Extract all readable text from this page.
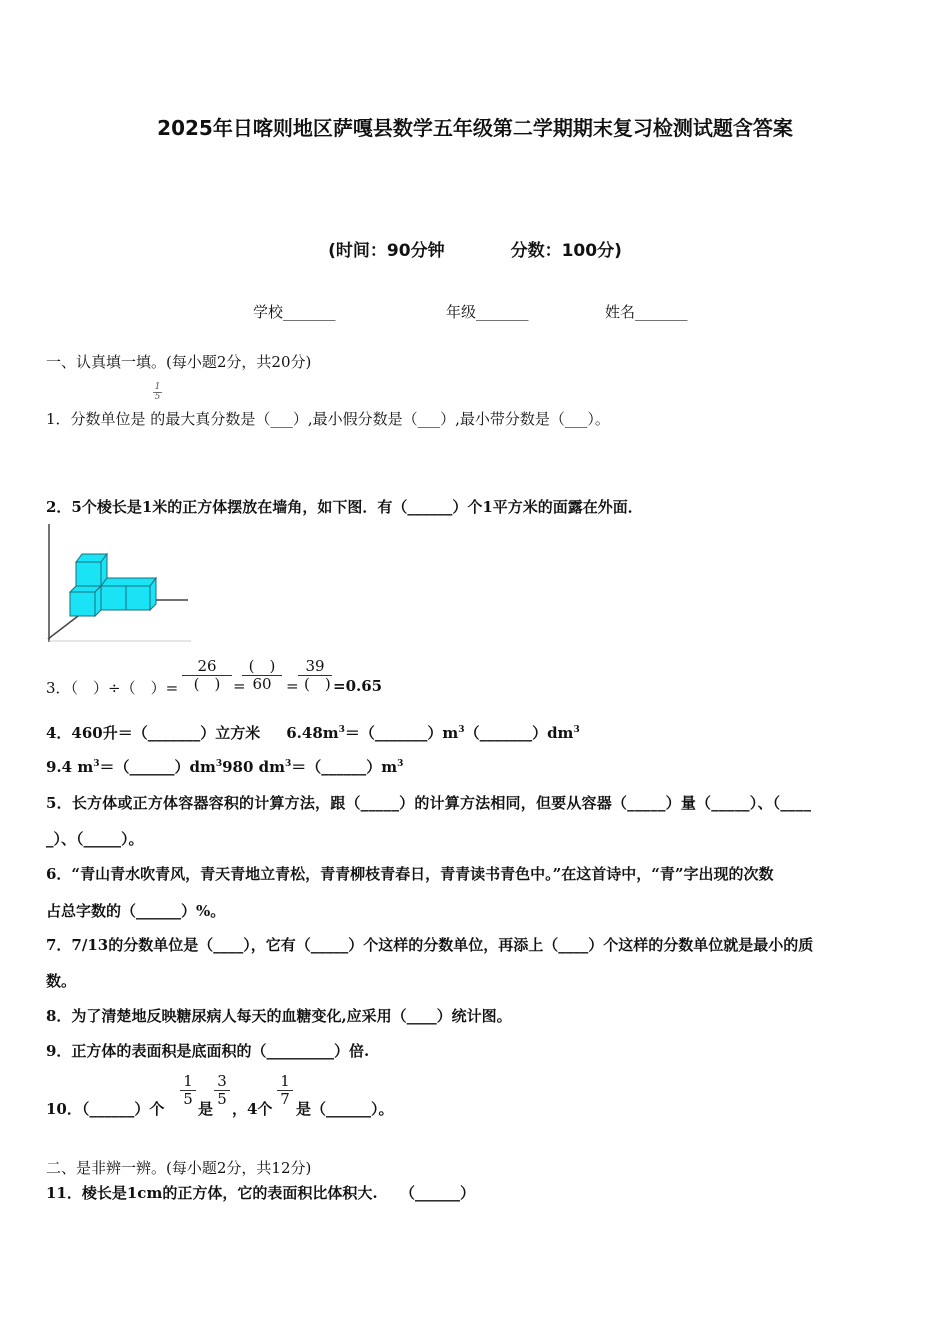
2025年日喀则地区萨嘎县数学五年级第二学期期末复习检测试题含答案
(时间：90分钟	分数：100分)
学校_______	年级_______	姓名_______
一、认真填一填。(每小题2分，共20分)
1．分数单位是 的最大真分数是（___）,最小假分数是（___）,最小带分数是（___）。
$\frac{1}{5}$
2．5个棱长是1米的正方体摆放在墙角，如下图．有（______）个1平方米的面露在外面．
3．（　）÷（　）=
26
(　) =
(　)
60 =
39
(　) =0.65
4．460升＝（_______）立方米 $6.48m^3=(\_\_\_\_\_\_\_)m^3(\_\_\_\_\_\_\_)dm^3$
9.4 $m^3=(\_\_\_\_\_\_)dm^3980$ $dm^3=(\_\_\_\_\_\_)m^3$
5．长方体或正方体容器容积的计算方法，跟（_____）的计算方法相同，但要从容器（_____）量（_____）、（____
_）、（_____）。
6．“青山青水吹青风，青天青地立青松，青青柳枝青春日，青青读书青色中。”在这首诗中，“青”字出现的次数
占总字数的（______）%。
7．7/13的分数单位是（____），它有（_____）个这样的分数单位，再添上（____）个这样的分数单位就是最小的质
数。
8．为了清楚地反映糖尿病人每天的血糖变化,应采用（____）统计图。
9．正方体的表面积是底面积的（_________）倍.
10．（______）个
$\frac{1}{5}$
是
$\frac{3}{5}$
，4个
$\frac{1}{7}$
是（______）。
二、是非辨一辨。(每小题2分，共12分)
11．棱长是1cm的正方体，它的表面积比体积大.　　（______）
